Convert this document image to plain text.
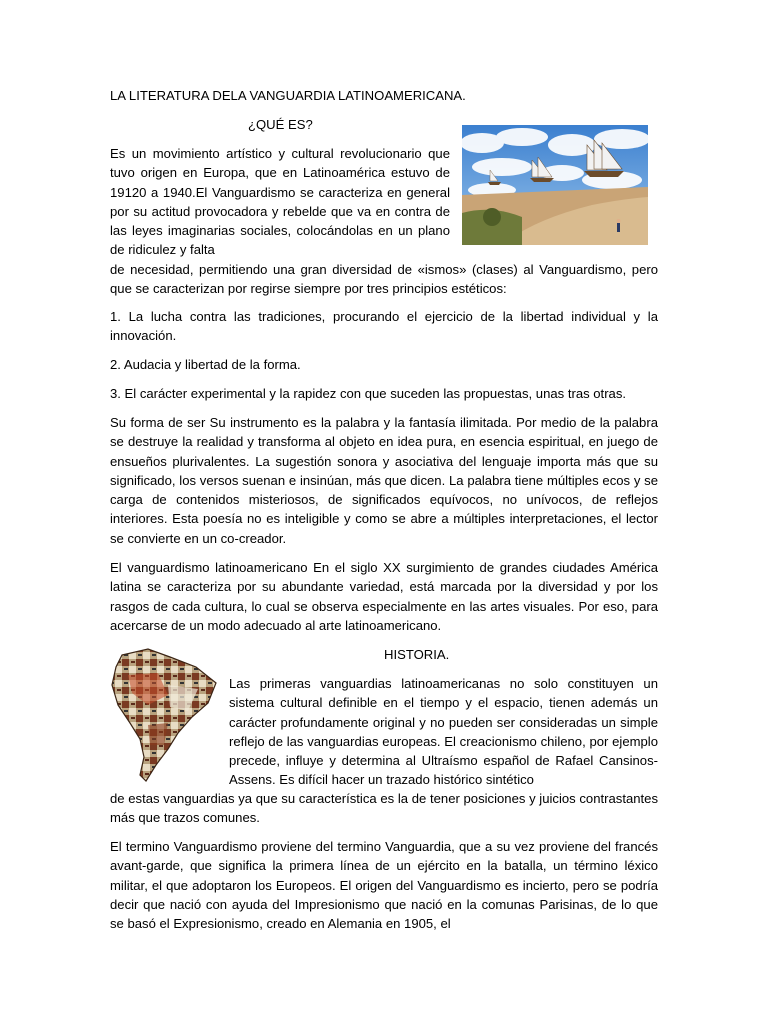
LA LITERATURA DELA VANGUARDIA LATINOAMERICANA.

¿QUÉ ES?

Es un movimiento artístico y cultural revolucionario que tuvo origen en Europa, que en Latinoamérica estuvo de 19120 a 1940.El Vanguardismo se caracteriza en general por su actitud provocadora y rebelde que va en contra de las leyes imaginarias sociales, colocándolas en un plano de ridiculez y falta

de necesidad, permitiendo una gran diversidad de «ismos» (clases) al Vanguardismo, pero que se caracterizan por regirse siempre por tres principios estéticos:

1. La lucha contra las tradiciones, procurando el ejercicio de la libertad individual y la innovación.

2. Audacia y libertad de la forma.

3. El carácter experimental y la rapidez con que suceden las propuestas, unas tras otras.

Su forma de ser Su instrumento es la palabra y la fantasía ilimitada. Por medio de la palabra se destruye la realidad y transforma al objeto en idea pura, en esencia espiritual, en juego de ensueños plurivalentes. La sugestión sonora y asociativa del lenguaje importa más que su significado, los versos suenan e insinúan, más que dicen. La palabra tiene múltiples ecos y se carga de contenidos misteriosos, de significados equívocos, no unívocos, de reflejos interiores. Esta poesía no es inteligible y como se abre a múltiples interpretaciones, el lector se convierte en un co-creador.

El vanguardismo latinoamericano En el siglo XX surgimiento de grandes ciudades América latina se caracteriza por su abundante variedad, está marcada por la diversidad y por los rasgos de cada cultura, lo cual se observa especialmente en las artes visuales. Por eso, para acercarse de un modo adecuado al arte latinoamericano.

HISTORIA.

Las primeras vanguardias latinoamericanas no solo constituyen un sistema cultural definible en el tiempo y el espacio, tienen además un carácter profundamente original y no pueden ser consideradas un simple reflejo de las vanguardias europeas. El creacionismo chileno, por ejemplo precede, influye y determina al Ultraísmo español de Rafael Cansinos-Assens. Es difícil hacer un trazado histórico sintético

de estas vanguardias ya que su característica es la de tener posiciones y juicios contrastantes más que trazos comunes.

El termino Vanguardismo proviene del termino Vanguardia, que a su vez proviene del francés avant-garde, que significa la primera línea de un ejército en la batalla, un término léxico militar, el que adoptaron los Europeos. El origen del Vanguardismo es incierto, pero se podría decir que nació con ayuda del Impresionismo que nació en la comunas Parisinas, de lo que se basó el Expresionismo, creado en Alemania en 1905, el
